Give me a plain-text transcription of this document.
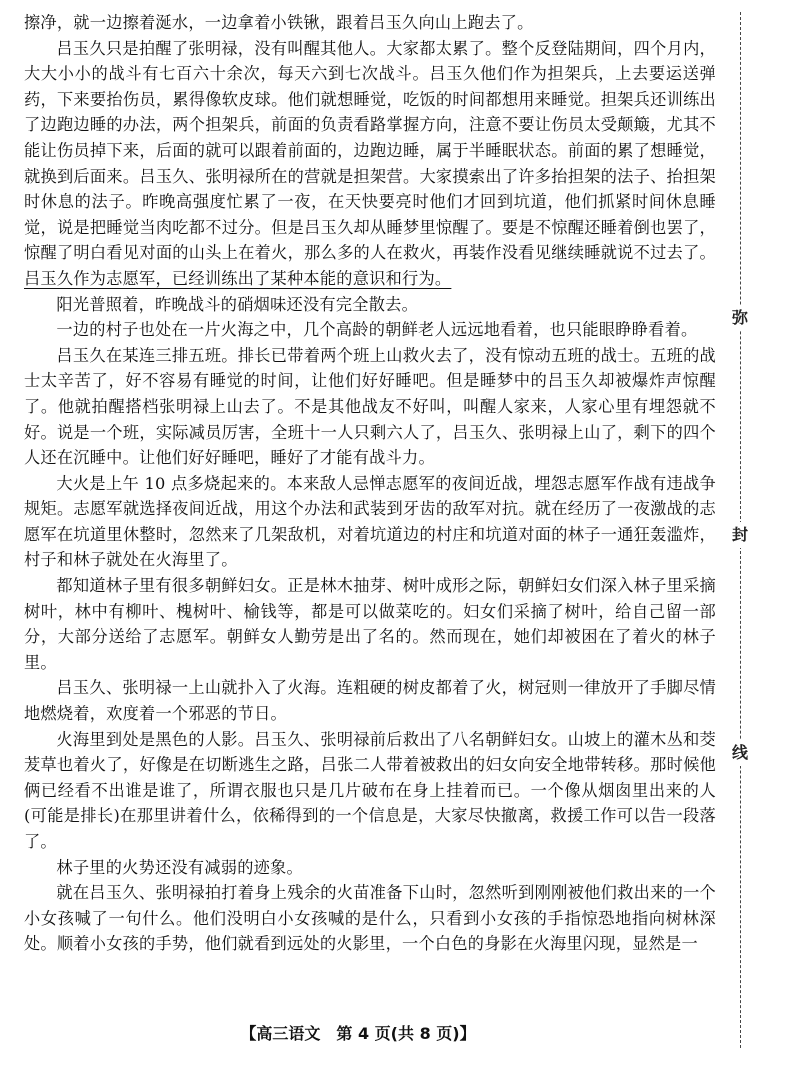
擦净，就一边擦着涎水，一边拿着小铁锹，跟着吕玉久向山上跑去了。

吕玉久只是拍醒了张明禄，没有叫醒其他人。大家都太累了。整个反登陆期间，四个月内，大大小小的战斗有七百六十余次，每天六到七次战斗。吕玉久他们作为担架兵，上去要运送弹药，下来要抬伤员，累得像软皮球。他们就想睡觉，吃饭的时间都想用来睡觉。担架兵还训练出了边跑边睡的办法，两个担架兵，前面的负责看路掌握方向，注意不要让伤员太受颠簸，尤其不能让伤员掉下来，后面的就可以跟着前面的，边跑边睡，属于半睡眠状态。前面的累了想睡觉，就换到后面来。吕玉久、张明禄所在的营就是担架营。大家摸索出了许多抬担架的法子、抬担架时休息的法子。昨晚高强度忙累了一夜，在天快要亮时他们才回到坑道，他们抓紧时间休息睡觉，说是把睡觉当肉吃都不过分。但是吕玉久却从睡梦里惊醒了。要是不惊醒还睡着倒也罢了，惊醒了明白看见对面的山头上在着火，那么多的人在救火，再装作没看见继续睡就说不过去了。吕玉久作为志愿军，已经训练出了某种本能的意识和行为。

阳光普照着，昨晚战斗的硝烟味还没有完全散去。

一边的村子也处在一片火海之中，几个高龄的朝鲜老人远远地看着，也只能眼睁睁看着。

吕玉久在某连三排五班。排长已带着两个班上山救火去了，没有惊动五班的战士。五班的战士太辛苦了，好不容易有睡觉的时间，让他们好好睡吧。但是睡梦中的吕玉久却被爆炸声惊醒了。他就拍醒搭档张明禄上山去了。不是其他战友不好叫，叫醒人家来，人家心里有埋怨就不好。说是一个班，实际减员厉害，全班十一人只剩六人了，吕玉久、张明禄上山了，剩下的四个人还在沉睡中。让他们好好睡吧，睡好了才能有战斗力。

大火是上午 10 点多烧起来的。本来敌人忌惮志愿军的夜间近战，埋怨志愿军作战有违战争规矩。志愿军就选择夜间近战，用这个办法和武装到牙齿的敌军对抗。就在经历了一夜激战的志愿军在坑道里休整时，忽然来了几架敌机，对着坑道边的村庄和坑道对面的林子一通狂轰滥炸，村子和林子就处在火海里了。

都知道林子里有很多朝鲜妇女。正是林木抽芽、树叶成形之际，朝鲜妇女们深入林子里采摘树叶，林中有柳叶、槐树叶、榆钱等，都是可以做菜吃的。妇女们采摘了树叶，给自己留一部分，大部分送给了志愿军。朝鲜女人勤劳是出了名的。然而现在，她们却被困在了着火的林子里。

吕玉久、张明禄一上山就扑入了火海。连粗硬的树皮都着了火，树冠则一律放开了手脚尽情地燃烧着，欢度着一个邪恶的节日。

火海里到处是黑色的人影。吕玉久、张明禄前后救出了八名朝鲜妇女。山坡上的灌木丛和茭茇草也着火了，好像是在切断逃生之路，吕张二人带着被救出的妇女向安全地带转移。那时候他俩已经看不出谁是谁了，所谓衣服也只是几片破布在身上挂着而已。一个像从烟囱里出来的人(可能是排长)在那里讲着什么，依稀得到的一个信息是，大家尽快撤离，救援工作可以告一段落了。

林子里的火势还没有减弱的迹象。

就在吕玉久、张明禄拍打着身上残余的火苗准备下山时，忽然听到刚刚被他们救出来的一个小女孩喊了一句什么。他们没明白小女孩喊的是什么，只看到小女孩的手指惊恐地指向树林深处。顺着小女孩的手势，他们就看到远处的火影里，一个白色的身影在火海里闪现，显然是一

弥
封
线
【高三语文　第 4 页(共 8 页)】
